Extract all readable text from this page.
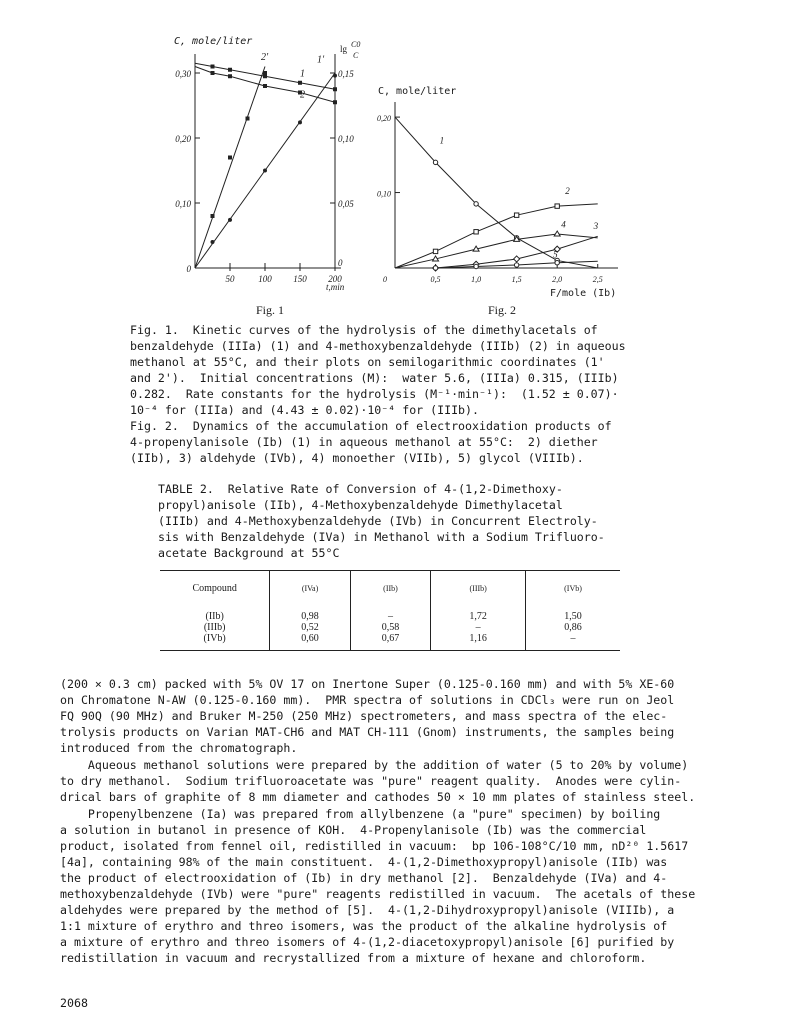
0,30
0,20
0,10
0
0,15
0,10
0,05
0
50	100 150 200
C, mole/liter
lg C0
C
t,min
1
2
1'
2'
Fig. 1
0,20
0,10
0	0,5	1,0	1,5	2,0	2,5
C, mole/liter
F/mole (Ib)
1
2
3
4
5
Fig. 2
Fig. 1.  Kinetic curves of the hydrolysis of the dimethylacetals of
benzaldehyde (IIIa) (1) and 4-methoxybenzaldehyde (IIIb) (2) in aqueous
methanol at 55°C, and their plots on semilogarithmic coordinates (1'
and 2').  Initial concentrations (M):  water 5.6, (IIIa) 0.315, (IIIb)
0.282.  Rate constants for the hydrolysis (M⁻¹·min⁻¹):  (1.52 ± 0.07)·
10⁻⁴ for (IIIa) and (4.43 ± 0.02)·10⁻⁴ for (IIIb).
Fig. 2.  Dynamics of the accumulation of electrooxidation products of
4-propenylanisole (Ib) (1) in aqueous methanol at 55°C:  2) diether
(IIb), 3) aldehyde (IVb), 4) monoether (VIIb), 5) glycol (VIIIb).
TABLE 2.  Relative Rate of Conversion of 4-(1,2-Dimethoxy-
propyl)anisole (IIb), 4-Methoxybenzaldehyde Dimethylacetal
(IIIb) and 4-Methoxybenzaldehyde (IVb) in Concurrent Electroly-
sis with Benzaldehyde (IVa) in Methanol with a Sodium Trifluoro-
acetate Background at 55°C
Compound	(IVa)	(IIb)	(IIIb)	(IVb)
(IIb)	0,98	–	1,72	1,50
(IIIb)	0,52	0,58	–	0,86
(IVb)	0,60	0,67	1,16	–
(200 × 0.3 cm) packed with 5% OV 17 on Inertone Super (0.125-0.160 mm) and with 5% XE-60
on Chromatone N-AW (0.125-0.160 mm).  PMR spectra of solutions in CDCl₃ were run on Jeol
FQ 90Q (90 MHz) and Bruker M-250 (250 MHz) spectrometers, and mass spectra of the elec-
trolysis products on Varian MAT-CH6 and MAT CH-111 (Gnom) instruments, the samples being
introduced from the chromatograph.
Aqueous methanol solutions were prepared by the addition of water (5 to 20% by volume)
to dry methanol.  Sodium trifluoroacetate was "pure" reagent quality.  Anodes were cylin-
drical bars of graphite of 8 mm diameter and cathodes 50 × 10 mm plates of stainless steel.
Propenylbenzene (Ia) was prepared from allylbenzene (a "pure" specimen) by boiling
a solution in butanol in presence of KOH.  4-Propenylanisole (Ib) was the commercial
product, isolated from fennel oil, redistilled in vacuum:  bp 106-108°C/10 mm, nD²⁰ 1.5617
[4a], containing 98% of the main constituent.  4-(1,2-Dimethoxypropyl)anisole (IIb) was
the product of electrooxidation of (Ib) in dry methanol [2].  Benzaldehyde (IVa) and 4-
methoxybenzaldehyde (IVb) were "pure" reagents redistilled in vacuum.  The acetals of these
aldehydes were prepared by the method of [5].  4-(1,2-Dihydroxypropyl)anisole (VIIIb), a
1:1 mixture of erythro and threo isomers, was the product of the alkaline hydrolysis of
a mixture of erythro and threo isomers of 4-(1,2-diacetoxypropyl)anisole [6] purified by
redistillation in vacuum and recrystallized from a mixture of hexane and chloroform.
2068
